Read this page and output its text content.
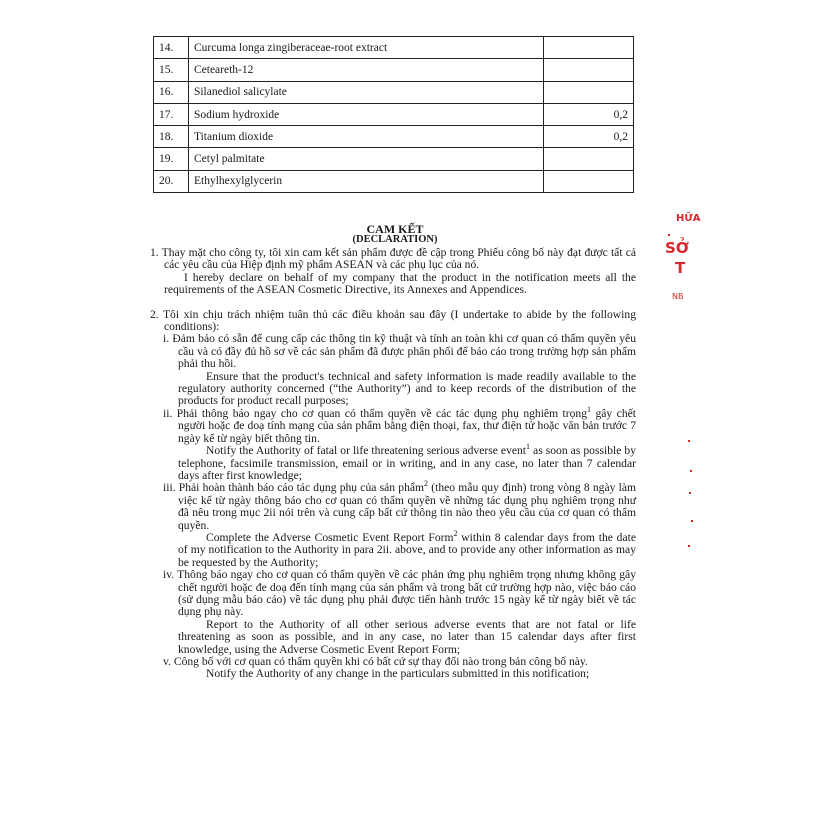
14.	Curcuma longa zingiberaceae-root extract	
15.	Ceteareth-12	
16.	Silanediol salicylate	
17.	Sodium hydroxide	0,2
18.	Titanium dioxide	0,2
19.	Cetyl palmitate	
20.	Ethylhexylglycerin	
CAM KẾT
(DECLARATION)

1. Thay mặt cho công ty, tôi xin cam kết sản phẩm được đề cập trong Phiếu công bố này đạt được tất cả các yêu cầu của Hiệp định mỹ phẩm ASEAN và các phụ lục của nó.

I hereby declare on behalf of my company that the product in the notification meets all the requirements of the ASEAN Cosmetic Directive, its Annexes and Appendices.

2. Tôi xin chịu trách nhiệm tuân thủ các điều khoản sau đây (I undertake to abide by the following conditions):

i. Đảm bảo có sẵn để cung cấp các thông tin kỹ thuật và tính an toàn khi cơ quan có thẩm quyền yêu cầu và có đầy đủ hồ sơ về các sản phẩm đã được phân phối để báo cáo trong trường hợp sản phẩm phải thu hồi.

Ensure that the product's technical and safety information is made readily available to the regulatory authority concerned (“the Authority”) and to keep records of the distribution of the products for product recall purposes;

ii. Phải thông báo ngay cho cơ quan có thẩm quyền về các tác dụng phụ nghiêm trọng$^1$ gây chết người hoặc đe doạ tính mạng của sản phẩm bằng điện thoại, fax, thư điện tử hoặc văn bản trước 7 ngày kể từ ngày biết thông tin.

Notify the Authority of fatal or life threatening serious adverse event$^1$ as soon as possible by telephone, facsimile transmission, email or in writing, and in any case, no later than 7 calendar days after first knowledge;

iii. Phải hoàn thành báo cáo tác dụng phụ của sản phẩm$^2$ (theo mẫu quy định) trong vòng 8 ngày làm việc kể từ ngày thông báo cho cơ quan có thẩm quyền về những tác dụng phụ nghiêm trọng như đã nêu trong mục 2ii nói trên và cung cấp bất cứ thông tin nào theo yêu cầu của cơ quan có thẩm quyền.

Complete the Adverse Cosmetic Event Report Form$^2$ within 8 calendar days from the date of my notification to the Authority in para 2ii. above, and to provide any other information as may be requested by the Authority;

iv. Thông báo ngay cho cơ quan có thẩm quyền về các phản ứng phụ nghiêm trọng nhưng không gây chết người hoặc đe doạ đến tính mạng của sản phẩm và trong bất cứ trường hợp nào, việc báo cáo (sử dụng mẫu báo cáo) về tác dụng phụ phải được tiến hành trước 15 ngày kể từ ngày biết về tác dụng phụ này.

Report to the Authority of all other serious adverse events that are not fatal or life threatening as soon as possible, and in any case, no later than 15 calendar days after first knowledge, using the Adverse Cosmetic Event Report Form;

v. Công bố với cơ quan có thẩm quyền khi có bất cứ sự thay đổi nào trong bản công bố này.

Notify the Authority of any change in the particulars submitted in this notification;

HỮA
SỞ
T
NB
